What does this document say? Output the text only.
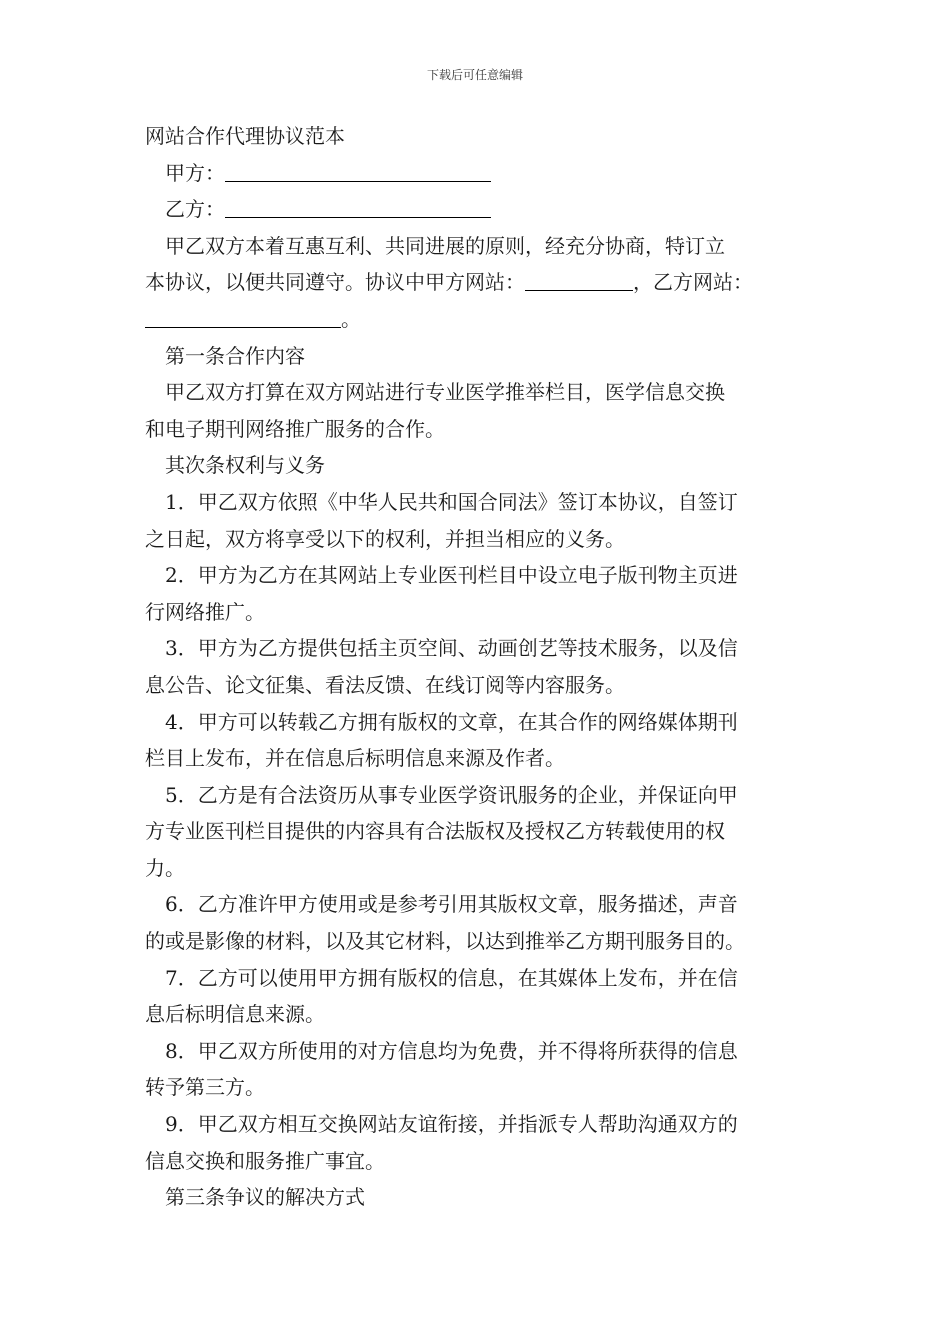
下载后可任意编辑
网站合作代理协议范本
甲方：
乙方：
甲乙双方本着互惠互利、共同进展的原则，经充分协商，特订立
本协议，以便共同遵守。协议中甲方网站：	，乙方网站：
。
第一条合作内容
甲乙双方打算在双方网站进行专业医学推举栏目，医学信息交换
和电子期刊网络推广服务的合作。
其次条权利与义务
1．甲乙双方依照《中华人民共和国合同法》签订本协议，自签订
之日起，双方将享受以下的权利，并担当相应的义务。
2．甲方为乙方在其网站上专业医刊栏目中设立电子版刊物主页进
行网络推广。
3．甲方为乙方提供包括主页空间、动画创艺等技术服务，以及信
息公告、论文征集、看法反馈、在线订阅等内容服务。
4．甲方可以转载乙方拥有版权的文章，在其合作的网络媒体期刊
栏目上发布，并在信息后标明信息来源及作者。
5．乙方是有合法资历从事专业医学资讯服务的企业，并保证向甲
方专业医刊栏目提供的内容具有合法版权及授权乙方转载使用的权
力。
6．乙方准许甲方使用或是参考引用其版权文章，服务描述，声音
的或是影像的材料，以及其它材料，以达到推举乙方期刊服务目的。
7．乙方可以使用甲方拥有版权的信息，在其媒体上发布，并在信
息后标明信息来源。
8．甲乙双方所使用的对方信息均为免费，并不得将所获得的信息
转予第三方。
9．甲乙双方相互交换网站友谊衔接，并指派专人帮助沟通双方的
信息交换和服务推广事宜。
第三条争议的解决方式
